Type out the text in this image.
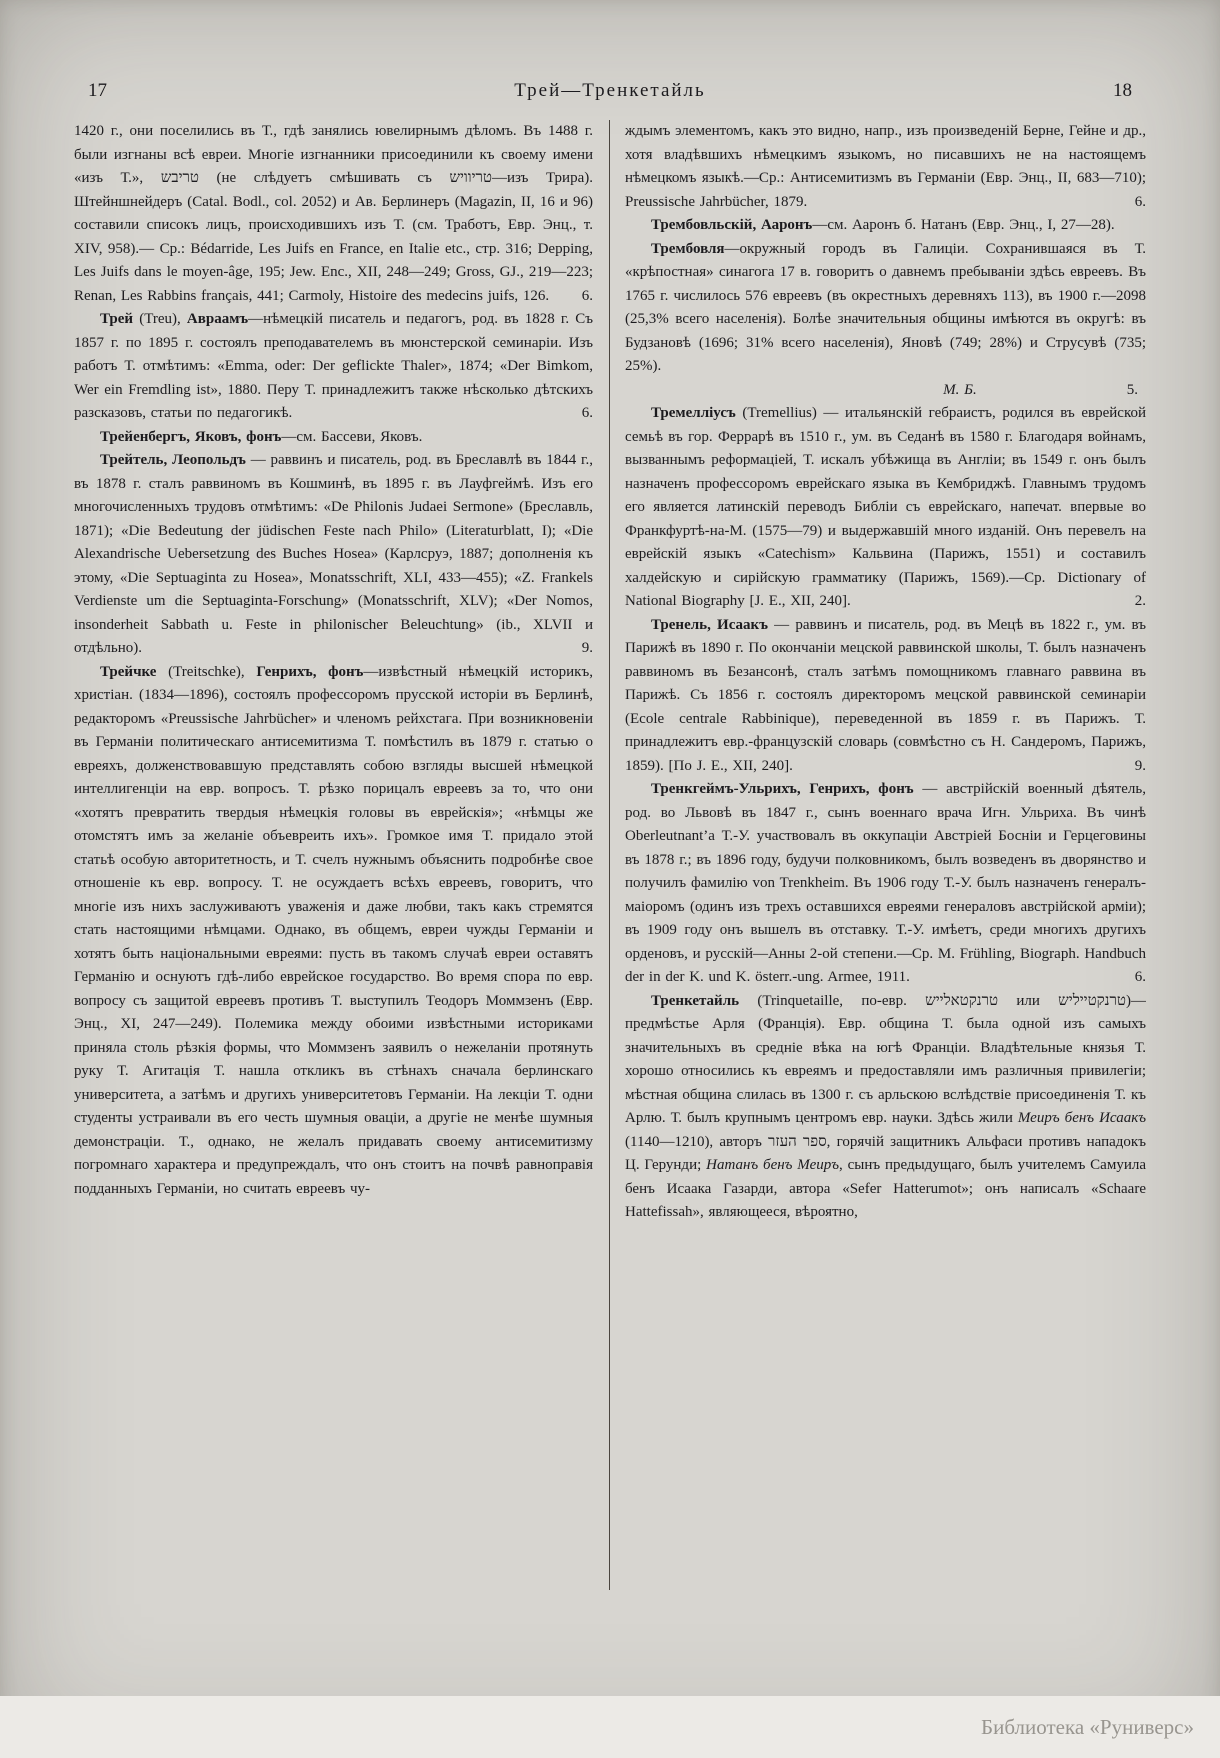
17	Трей—Тренкетайль	18

1420 г., они поселились въ Т., гдѣ занялись ювелирнымъ дѣломъ. Въ 1488 г. были изгнаны всѣ евреи. Многіе изгнанники присоединили къ своему имени «изъ Т.», טריבש (не слѣдуетъ смѣшивать съ טריוויש—изъ Трира). Штейншнейдеръ (Catal. Bodl., col. 2052) и Ав. Берлинеръ (Magazin, II, 16 и 96) составили списокъ лицъ, происходившихъ изъ Т. (см. Тработъ, Евр. Энц., т. XIV, 958).— Ср.: Bédarride, Les Juifs en France, en Italie etc., стр. 316; Depping, Les Juifs dans le moyen-âge, 195; Jew. Enc., XII, 248—249; Gross, GJ., 219—223; Renan, Les Rabbins français, 441; Carmoly, Histoire des medecins juifs, 126. 6.

Трей (Treu), Авраамъ—нѣмецкій писатель и педагогъ, род. въ 1828 г. Съ 1857 г. по 1895 г. состоялъ преподавателемъ въ мюнстерской семинаріи. Изъ работъ Т. отмѣтимъ: «Emma, oder: Der geflickte Thaler», 1874; «Der Bimkom, Wer ein Fremdling ist», 1880. Перу Т. принадлежитъ также нѣсколько дѣтскихъ разсказовъ, статьи по педагогикѣ.	6.

Трейенбергъ, Яковъ, фонъ—см. Бассеви, Яковъ.

Трейтель, Леопольдъ — раввинъ и писатель, род. въ Бреславлѣ въ 1844 г., въ 1878 г. сталъ раввиномъ въ Кошминѣ, въ 1895 г. въ Лауфгеймѣ. Изъ его многочисленныхъ трудовъ отмѣтимъ: «De Philonis Judaei Sermone» (Бреславль, 1871); «Die Bedeutung der jüdischen Feste nach Philo» (Literaturblatt, I); «Die Alexandrische Uebersetzung des Buches Hosea» (Карлсруэ, 1887; дополненія къ этому, «Die Septuaginta zu Hosea», Monatsschrift, XLI, 433—455); «Z. Frankels Verdienste um die Septuaginta-Forschung» (Monatsschrift, XLV); «Der Nomos, insonderheit Sabbath u. Feste in philonischer Beleuchtung» (ib., XLVII и отдѣльно).	9.

Трейчке (Treitschke), Генрихъ, фонъ—извѣстный нѣмецкій историкъ, христіан. (1834—1896), состоялъ профессоромъ прусской исторіи въ Берлинѣ, редакторомъ «Preussische Jahrbücher» и членомъ рейхстага. При возникновеніи въ Германіи политическаго антисемитизма Т. помѣстилъ въ 1879 г. статью о евреяхъ, долженствовавшую представлять собою взгляды высшей нѣмецкой интеллигенціи на евр. вопросъ. Т. рѣзко порицалъ евреевъ за то, что они «хотятъ превратить твердыя нѣмецкія головы въ еврейскія»; «нѣмцы же отомстятъ имъ за желаніе объевреить ихъ». Громкое имя Т. придало этой статьѣ особую авторитетность, и Т. счелъ нужнымъ объяснить подробнѣе свое отношеніе къ евр. вопросу. Т. не осуждаетъ всѣхъ евреевъ, говоритъ, что многіе изъ нихъ заслуживаютъ уваженія и даже любви, такъ какъ стремятся стать настоящими нѣмцами. Однако, въ общемъ, евреи чужды Германіи и хотятъ быть національными евреями: пусть въ такомъ случаѣ евреи оставятъ Германію и оснуютъ гдѣ-либо еврейское государство. Во время спора по евр. вопросу съ защитой евреевъ противъ Т. выступилъ Теодоръ Моммзенъ (Евр. Энц., XI, 247—249). Полемика между обоими извѣстными историками приняла столь рѣзкія формы, что Моммзенъ заявилъ о нежеланіи протянуть руку Т. Агитація Т. нашла откликъ въ стѣнахъ сначала берлинскаго университета, а затѣмъ и другихъ университетовъ Германіи. На лекціи Т. одни студенты устраивали въ его честь шумныя оваціи, а другіе не менѣе шумныя демонстраціи. Т., однако, не желалъ придавать своему антисемитизму погромнаго характера и предупреждалъ, что онъ стоитъ на почвѣ равноправія подданныхъ Германіи, но считать евреевъ чу-

ждымъ элементомъ, какъ это видно, напр., изъ произведеній Берне, Гейне и др., хотя владѣвшихъ нѣмецкимъ языкомъ, но писавшихъ не на настоящемъ нѣмецкомъ языкѣ.—Ср.: Антисемитизмъ въ Германіи (Евр. Энц., II, 683—710); Preussische Jahrbücher, 1879.	6.

Трембовльскій, Ааронъ—см. Ааронъ б. Натанъ (Евр. Энц., I, 27—28).

Трембовля—окружный городъ въ Галиціи. Сохранившаяся въ Т. «крѣпостная» синагога 17 в. говоритъ о давнемъ пребываніи здѣсь евреевъ. Въ 1765 г. числилось 576 евреевъ (въ окрестныхъ деревняхъ 113), въ 1900 г.—2098 (25,3% всего населенія). Болѣе значительныя общины имѣются въ округѣ: въ Будзановѣ (1696; 31% всего населенія), Яновѣ (749; 28%) и Струсувѣ (735; 25%).

М. Б.	5.

Тремелліусъ (Tremellius) — итальянскій гебраистъ, родился въ еврейской семьѣ въ гор. Феррарѣ въ 1510 г., ум. въ Седанѣ въ 1580 г. Благодаря войнамъ, вызваннымъ реформаціей, Т. искалъ убѣжища въ Англіи; въ 1549 г. онъ былъ назначенъ профессоромъ еврейскаго языка въ Кембриджѣ. Главнымъ трудомъ его является латинскій переводъ Библіи съ еврейскаго, напечат. впервые во Франкфуртѣ-на-М. (1575—79) и выдержавшій много изданій. Онъ перевелъ на еврейскій языкъ «Catechism» Кальвина (Парижъ, 1551) и составилъ халдейскую и сирійскую грамматику (Парижъ, 1569).—Ср. Dictionary of National Biography [J. E., XII, 240].	2.

Тренель, Исаакъ — раввинъ и писатель, род. въ Мецѣ въ 1822 г., ум. въ Парижѣ въ 1890 г. По окончаніи мецской раввинской школы, Т. былъ назначенъ раввиномъ въ Безансонѣ, сталъ затѣмъ помощникомъ главнаго раввина въ Парижѣ. Съ 1856 г. состоялъ директоромъ мецской раввинской семинаріи (Ecole centrale Rabbinique), переведенной въ 1859 г. въ Парижъ. Т. принадлежитъ евр.-французскій словарь (совмѣстно съ Н. Сандеромъ, Парижъ, 1859). [По J. E., XII, 240].	9.

Тренкгеймъ-Ульрихъ, Генрихъ, фонъ — австрійскій военный дѣятель, род. во Львовѣ въ 1847 г., сынъ военнаго врача Игн. Ульриха. Въ чинѣ Oberleutnant’а Т.-У. участвовалъ въ оккупаціи Австріей Босніи и Герцеговины въ 1878 г.; въ 1896 году, будучи полковникомъ, былъ возведенъ въ дворянство и получилъ фамилію von Trenkheim. Въ 1906 году Т.-У. былъ назначенъ генералъ-маіоромъ (одинъ изъ трехъ оставшихся евреями генераловъ австрійской арміи); въ 1909 году онъ вышелъ въ отставку. Т.-У. имѣетъ, среди многихъ другихъ орденовъ, и русскій—Анны 2-ой степени.—Ср. M. Frühling, Biograph. Handbuch der in der K. und K. österr.-ung. Armee, 1911.	6.

Тренкетайль (Trinquetaille, по-евр. טרנקטאלייש или טרנקטייליש)—предмѣстье Арля (Франція). Евр. община Т. была одной изъ самыхъ значительныхъ въ средніе вѣка на югѣ Франціи. Владѣтельные князья Т. хорошо относились къ евреямъ и предоставляли имъ различныя привилегіи; мѣстная община слилась въ 1300 г. съ арльскою вслѣдствіе присоединенія Т. къ Арлю. Т. былъ крупнымъ центромъ евр. науки. Здѣсь жили Меиръ бенъ Исаакъ (1140—1210), авторъ ספר העזר, горячій защитникъ Альфаси противъ нападокъ Ц. Герунди; Натанъ бенъ Меиръ, сынъ предыдущаго, былъ учителемъ Самуила бенъ Исаака Газарди, автора «Sefer Hatterumot»; онъ написалъ «Schaare Hattefissah», являющееся, вѣроятно,

Библиотека «Руниверс»
